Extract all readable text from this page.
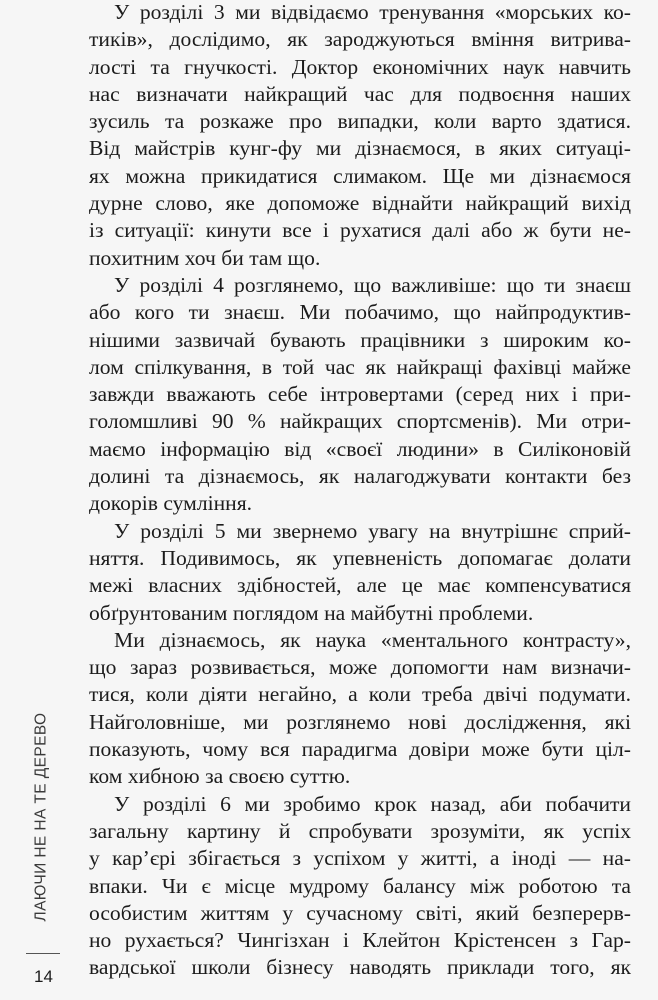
У розділі 3 ми відвідаємо тренування «морських ко-
тиків», дослідимо, як зароджуються вміння витрива-
лості та гнучкості. Доктор економічних наук навчить
нас визначати найкращий час для подвоєння наших
зусиль та розкаже про випадки, коли варто здатися.
Від майстрів кунг-фу ми дізнаємося, в яких ситуаці-
ях можна прикидатися слимаком. Ще ми дізнаємося
дурне слово, яке допоможе віднайти найкращий вихід
із ситуації: кинути все і рухатися далі або ж бути не-
похитним хоч би там що.
У розділі 4 розглянемо, що важливіше: що ти знаєш
або кого ти знаєш. Ми побачимо, що найпродуктив-
нішими зазвичай бувають працівники з широким ко-
лом спілкування, в той час як найкращі фахівці майже
завжди вважають себе інтровертами (серед них і при-
голомшливі 90 % найкращих спортсменів). Ми отри-
маємо інформацію від «своєї людини» в Силіконовій
долині та дізнаємось, як налагоджувати контакти без
докорів сумління.
У розділі 5 ми звернемо увагу на внутрішнє сприй-
няття. Подивимось, як упевненість допомагає долати
межі власних здібностей, але це має компенсуватися
обґрунтованим поглядом на майбутні проблеми.
Ми дізнаємось, як наука «ментального контрасту»,
що зараз розвивається, може допомогти нам визначи-
тися, коли діяти негайно, а коли треба двічі подумати.
Найголовніше, ми розглянемо нові дослідження, які
показують, чому вся парадигма довіри може бути ціл-
ком хибною за своєю суттю.
У розділі 6 ми зробимо крок назад, аби побачити
загальну картину й спробувати зрозуміти, як успіх
у кар’єрі збігається з успіхом у житті, а іноді — на-
впаки. Чи є місце мудрому балансу між роботою та
особистим життям у сучасному світі, який безперерв-
но рухається? Чингізхан і Клейтон Крістенсен з Гар-
вардської школи бізнесу наводять приклади того, як
ЛАЮЧИ НЕ НА ТЕ ДЕРЕВО
14
